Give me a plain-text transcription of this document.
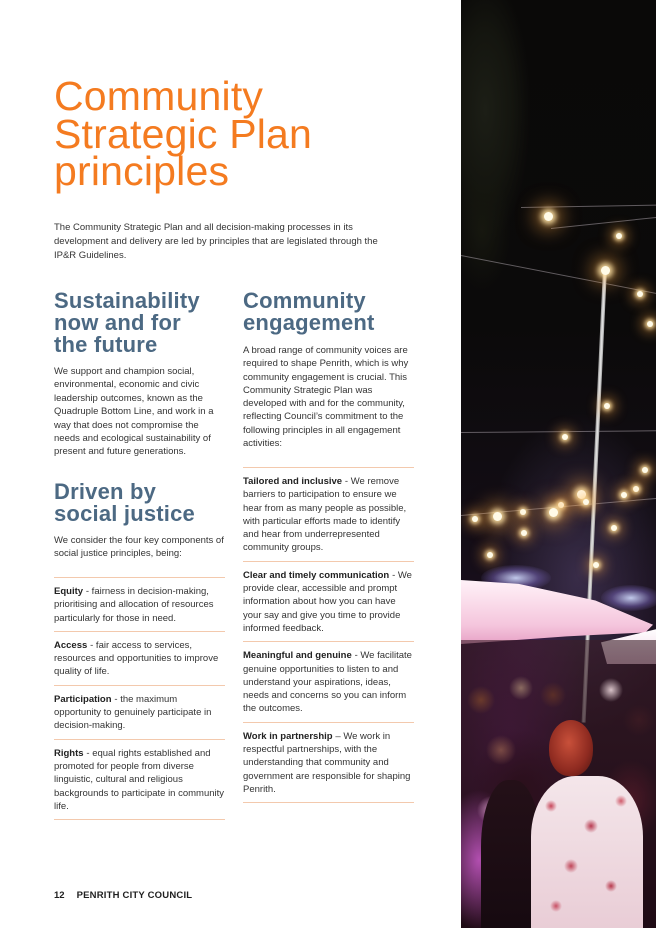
Community
Strategic Plan
principles

The Community Strategic Plan and all decision-making processes in its development and delivery are led by principles that are legislated through the IP&R Guidelines.

Sustainability
now and for
the future

We support and champion social, environmental, economic and civic leadership outcomes, known as the Quadruple Bottom Line, and work in a way that does not compromise the needs and ecological sustainability of present and future generations.

Driven by
social justice

We consider the four key components of social justice principles, being:

Equity - fairness in decision-making, prioritising and allocation of resources particularly for those in need.
Access - fair access to services, resources and opportunities to improve quality of life.
Participation - the maximum opportunity to genuinely participate in decision-making.
Rights - equal rights established and promoted for people from diverse linguistic, cultural and religious backgrounds to participate in community life.
Community
engagement

A broad range of community voices are required to shape Penrith, which is why community engagement is crucial. This Community Strategic Plan was developed with and for the community, reflecting Council’s commitment to the following principles in all engagement activities:

Tailored and inclusive - We remove barriers to participation to ensure we hear from as many people as possible, with particular efforts made to identify and hear from underrepresented community groups.
Clear and timely communication - We provide clear, accessible and prompt information about how you can have your say and give you time to provide informed feedback.
Meaningful and genuine - We facilitate genuine opportunities to listen to and understand your aspirations, ideas, needs and concerns so you can inform the outcomes.
Work in partnership – We work in respectful partnerships, with the understanding that community and government are responsible for shaping Penrith.
12 PENRITH CITY COUNCIL
